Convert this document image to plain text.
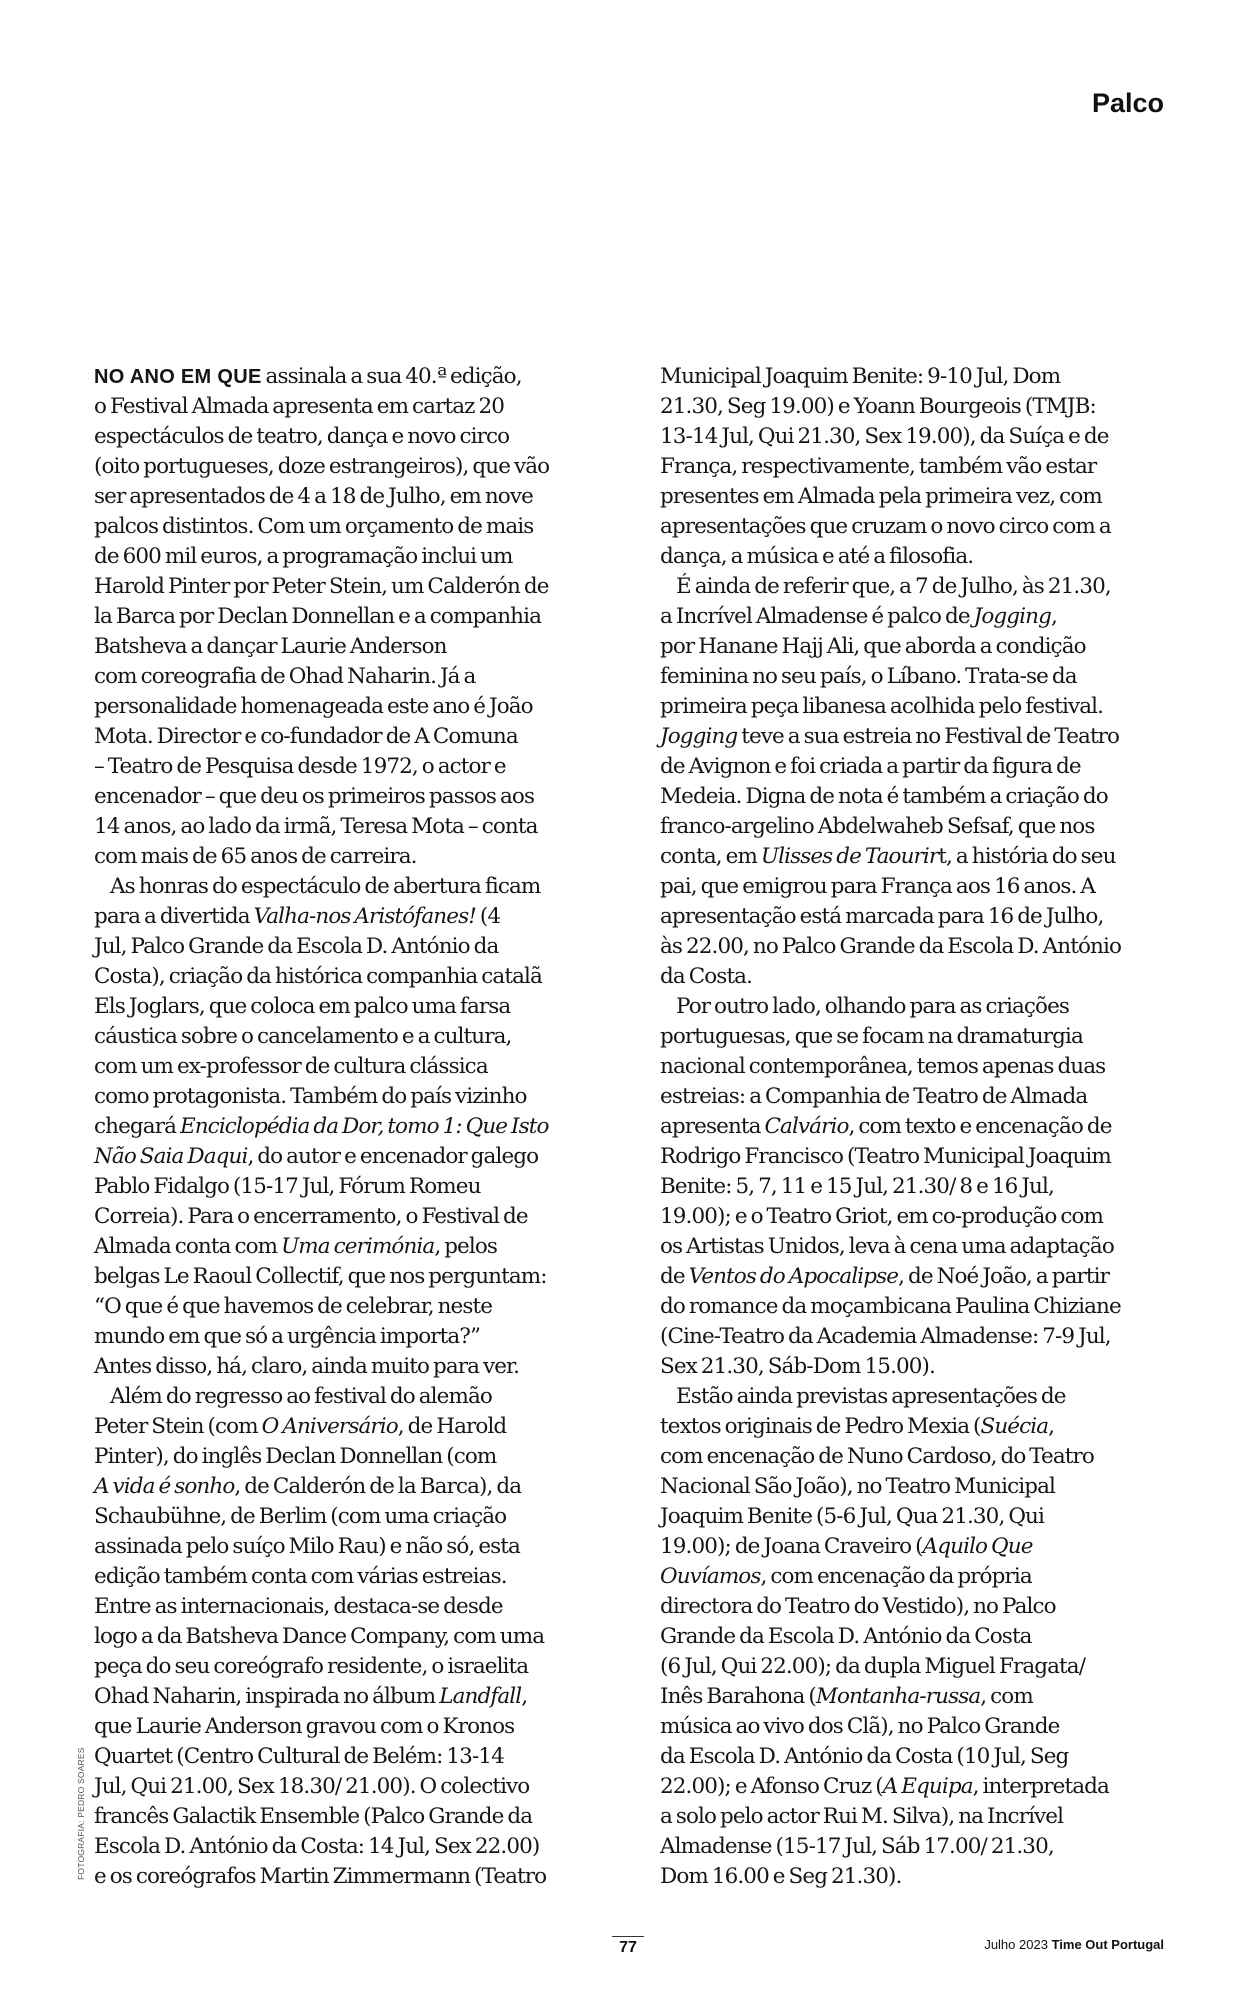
Palco
NO ANO EM QUE assinala a sua 40.ª edição,
o Festival Almada apresenta em cartaz 20
espectáculos de teatro, dança e novo circo
(oito portugueses, doze estrangeiros), que vão
ser apresentados de 4 a 18 de Julho, em nove
palcos distintos. Com um orçamento de mais
de 600 mil euros, a programação inclui um
Harold Pinter por Peter Stein, um Calderón de
la Barca por Declan Donnellan e a companhia
Batsheva a dançar Laurie Anderson
com coreografia de Ohad Naharin. Já a
personalidade homenageada este ano é João
Mota. Director e co-fundador de A Comuna
– Teatro de Pesquisa desde 1972, o actor e
encenador – que deu os primeiros passos aos
14 anos, ao lado da irmã, Teresa Mota – conta
com mais de 65 anos de carreira.
As honras do espectáculo de abertura ficam
para a divertida Valha-nos Aristófanes! (4
Jul, Palco Grande da Escola D. António da
Costa), criação da histórica companhia catalã
Els Joglars, que coloca em palco uma farsa
cáustica sobre o cancelamento e a cultura,
com um ex-professor de cultura clássica
como protagonista. Também do país vizinho
chegará Enciclopédia da Dor, tomo 1: Que Isto
Não Saia Daqui, do autor e encenador galego
Pablo Fidalgo (15-17 Jul, Fórum Romeu
Correia). Para o encerramento, o Festival de
Almada conta com Uma cerimónia, pelos
belgas Le Raoul Collectif, que nos perguntam:
“O que é que havemos de celebrar, neste
mundo em que só a urgência importa?”
Antes disso, há, claro, ainda muito para ver.
Além do regresso ao festival do alemão
Peter Stein (com O Aniversário, de Harold
Pinter), do inglês Declan Donnellan (com
A vida é sonho, de Calderón de la Barca), da
Schaubühne, de Berlim (com uma criação
assinada pelo suíço Milo Rau) e não só, esta
edição também conta com várias estreias.
Entre as internacionais, destaca-se desde
logo a da Batsheva Dance Company, com uma
peça do seu coreógrafo residente, o israelita
Ohad Naharin, inspirada no álbum Landfall,
que Laurie Anderson gravou com o Kronos
Quartet (Centro Cultural de Belém: 13-14
Jul, Qui 21.00, Sex 18.30/ 21.00). O colectivo
francês Galactik Ensemble (Palco Grande da
Escola D. António da Costa: 14 Jul, Sex 22.00)
e os coreógrafos Martin Zimmermann (Teatro
Municipal Joaquim Benite: 9-10 Jul, Dom
21.30, Seg 19.00) e Yoann Bourgeois (TMJB:
13-14 Jul, Qui 21.30, Sex 19.00), da Suíça e de
França, respectivamente, também vão estar
presentes em Almada pela primeira vez, com
apresentações que cruzam o novo circo com a
dança, a música e até a filosofia.
É ainda de referir que, a 7 de Julho, às 21.30,
a Incrível Almadense é palco de Jogging,
por Hanane Hajj Ali, que aborda a condição
feminina no seu país, o Líbano. Trata-se da
primeira peça libanesa acolhida pelo festival.
Jogging teve a sua estreia no Festival de Teatro
de Avignon e foi criada a partir da figura de
Medeia. Digna de nota é também a criação do
franco-argelino Abdelwaheb Sefsaf, que nos
conta, em Ulisses de Taourirt, a história do seu
pai, que emigrou para França aos 16 anos. A
apresentação está marcada para 16 de Julho,
às 22.00, no Palco Grande da Escola D. António
da Costa.
Por outro lado, olhando para as criações
portuguesas, que se focam na dramaturgia
nacional contemporânea, temos apenas duas
estreias: a Companhia de Teatro de Almada
apresenta Calvário, com texto e encenação de
Rodrigo Francisco (Teatro Municipal Joaquim
Benite: 5, 7, 11 e 15 Jul, 21.30/ 8 e 16 Jul,
19.00); e o Teatro Griot, em co-produção com
os Artistas Unidos, leva à cena uma adaptação
de Ventos do Apocalipse, de Noé João, a partir
do romance da moçambicana Paulina Chiziane
(Cine-Teatro da Academia Almadense: 7-9 Jul,
Sex 21.30, Sáb-Dom 15.00).
Estão ainda previstas apresentações de
textos originais de Pedro Mexia (Suécia,
com encenação de Nuno Cardoso, do Teatro
Nacional São João), no Teatro Municipal
Joaquim Benite (5-6 Jul, Qua 21.30, Qui
19.00); de Joana Craveiro (Aquilo Que
Ouvíamos, com encenação da própria
directora do Teatro do Vestido), no Palco
Grande da Escola D. António da Costa
(6 Jul, Qui 22.00); da dupla Miguel Fragata/
Inês Barahona (Montanha-russa, com
música ao vivo dos Clã), no Palco Grande
da Escola D. António da Costa (10 Jul, Seg
22.00); e Afonso Cruz (A Equipa, interpretada
a solo pelo actor Rui M. Silva), na Incrível
Almadense (15-17 Jul, Sáb 17.00/ 21.30,
Dom 16.00 e Seg 21.30).
FOTOGRAFIA: PEDRO SOARES
77	Julho 2023 Time Out Portugal
